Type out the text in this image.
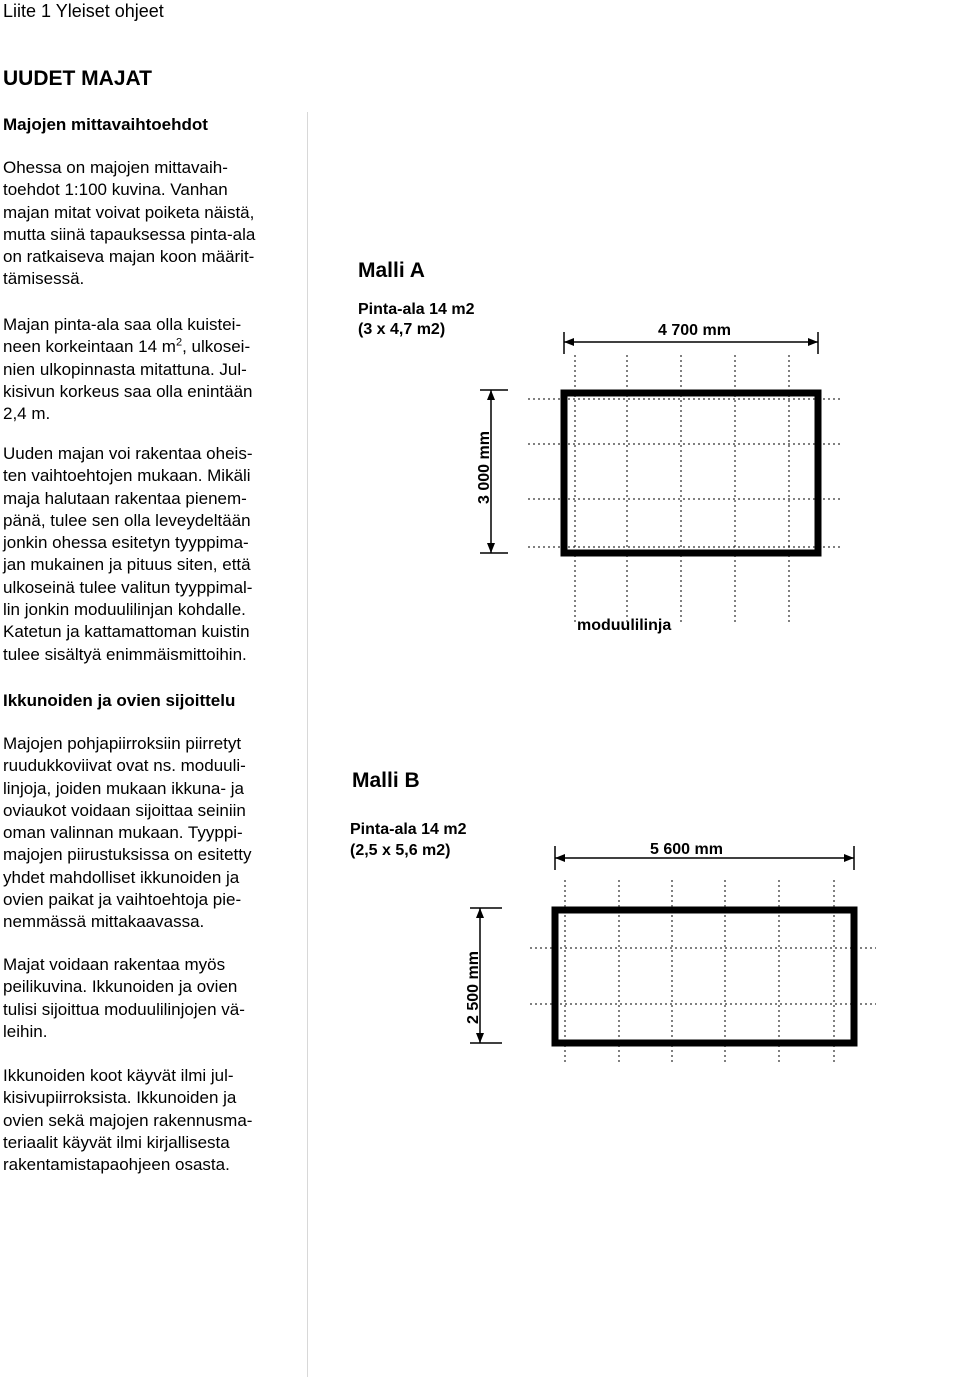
Liite 1 Yleiset ohjeet
UUDET MAJAT
Majojen mittavaihtoehdot

Ohessa on majojen mittavaih-
toehdot 1:100 kuvina. Vanhan
majan mitat voivat poiketa näistä,
mutta siinä tapauksessa pinta-ala
on ratkaiseva majan koon määrit-
tämisessä.

Majan pinta-ala saa olla kuistei-
neen korkeintaan 14 $m^2$, ulkosei-
nien ulkopinnasta mitattuna. Jul-
kisivun korkeus saa olla enintään
2,4 m.

Uuden majan voi rakentaa oheis-
ten vaihtoehtojen mukaan. Mikäli
maja halutaan rakentaa pienem-
pänä, tulee sen olla leveydeltään
jonkin ohessa esitetyn tyyppima-
jan mukainen ja pituus siten, että
ulkoseinä tulee valitun tyyppimal-
lin jonkin moduulilinjan kohdalle.
Katetun ja kattamattoman kuistin
tulee sisältyä enimmäismittoihin.

Ikkunoiden ja ovien sijoittelu

Majojen pohjapiirroksiin piirretyt
ruudukkoviivat ovat ns. moduuli-
linjoja, joiden mukaan ikkuna- ja
oviaukot voidaan sijoittaa seiniin
oman valinnan mukaan. Tyyppi-
majojen piirustuksissa on esitetty
yhdet mahdolliset ikkunoiden ja
ovien paikat ja vaihtoehtoja pie-
nemmässä mittakaavassa.

Majat voidaan rakentaa myös
peilikuvina. Ikkunoiden ja ovien
tulisi sijoittua moduulilinjojen vä-
leihin.

Ikkunoiden koot käyvät ilmi jul-
kisivupiirroksista. Ikkunoiden ja
ovien sekä majojen rakennusma-
teriaalit käyvät ilmi kirjallisesta
rakentamistapaohjeen osasta.

Malli A
Pinta-ala 14 m2
(3 x 4,7 m2)	4 700 mm
3 000 mm
moduulilinja
Malli B
Pinta-ala 14 m2
(2,5 x 5,6 m2)	5 600 mm
2 500 mm
